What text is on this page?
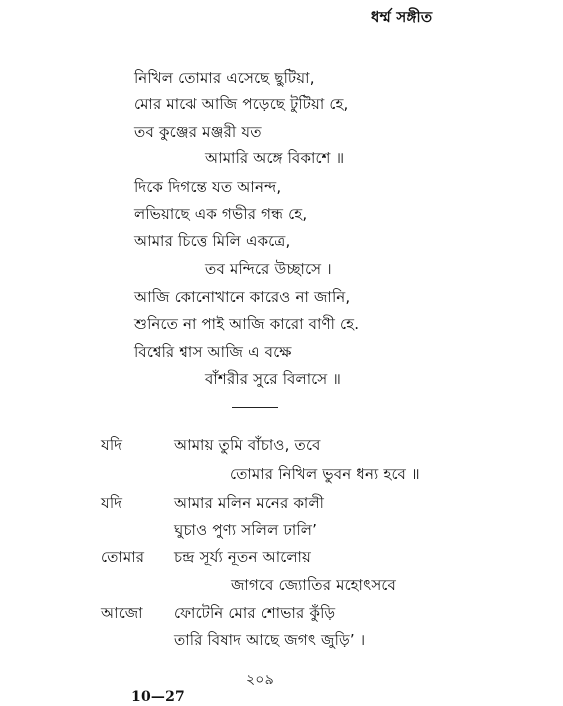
ধর্ম্ম সঙ্গীত
নিখিল তোমার এসেছে ছুটিয়া,
মোর মাঝে আজি পড়েছে টুটিয়া হে,
তব কুঞ্জের মঞ্জরী যত
আমারি অঙ্গে বিকাশে ॥
দিকে দিগন্তে যত আনন্দ,
লভিয়াছে এক গভীর গন্ধ হে,
আমার চিত্তে মিলি একত্রে,
তব মন্দিরে উচ্ছাসে ।
আজি কোনোখানে কারেও না জানি,
শুনিতে না পাই আজি কারো বাণী হে.
বিশ্বেরি শ্বাস আজি এ বক্ষে
বাঁশরীর সুরে বিলাসে ॥
যদি	আমায় তুমি বাঁচাও, তবে
তোমার নিখিল ভুবন ধন্য হবে ॥
যদি	আমার মলিন মনের কালী
ঘুচাও পুণ্য সলিল ঢালি’
তোমার চন্দ্র সূর্য্য নূতন আলোয়
জাগবে জ্যোতির মহোৎসবে
আজো ফোটেনি মোর শোভার কুঁড়ি
তারি বিষাদ আছে জগৎ জুড়ি’ ।
২০৯
10—27
